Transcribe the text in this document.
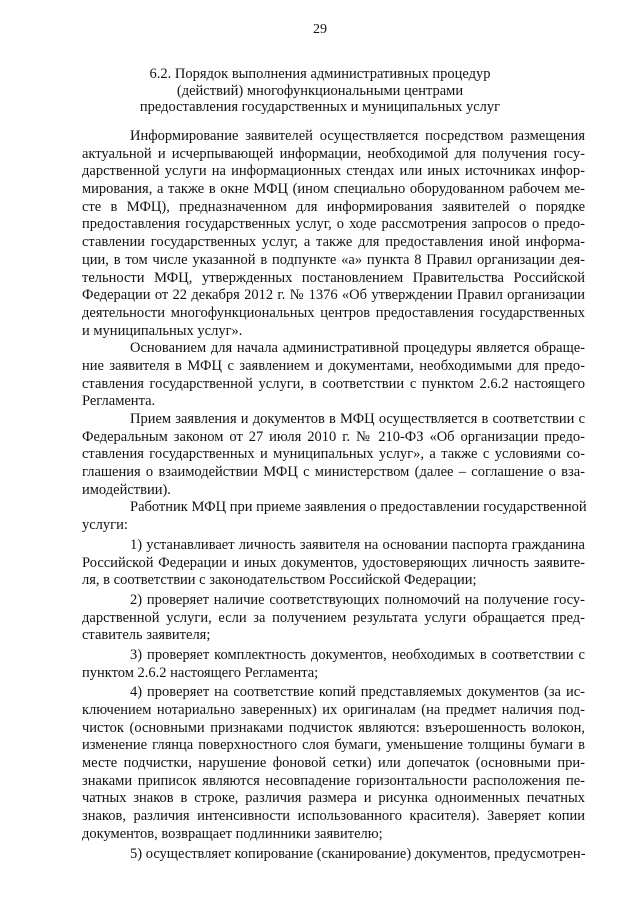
29
6.2. Порядок выполнения административных процедур
(действий) многофункциональными центрами
предоставления государственных и муниципальных услуг
Информирование заявителей осуществляется посредством размещения
актуальной и исчерпывающей информации, необходимой для получения госу-
дарственной услуги на информационных стендах или иных источниках инфор-
мирования, а также в окне МФЦ (ином специально оборудованном рабочем ме-
сте в МФЦ), предназначенном для информирования заявителей о порядке
предоставления государственных услуг, о ходе рассмотрения запросов о предо-
ставлении государственных услуг, а также для предоставления иной информа-
ции, в том числе указанной в подпункте «а» пункта 8 Правил организации дея-
тельности МФЦ, утвержденных постановлением Правительства Российской
Федерации от 22 декабря 2012 г. № 1376 «Об утверждении Правил организации
деятельности многофункциональных центров предоставления государственных
и муниципальных услуг».
Основанием для начала административной процедуры является обраще-
ние заявителя в МФЦ с заявлением и документами, необходимыми для предо-
ставления государственной услуги, в соответствии с пунктом 2.6.2 настоящего
Регламента.
Прием заявления и документов в МФЦ осуществляется в соответствии с
Федеральным законом от 27 июля 2010 г. № 210-ФЗ «Об организации предо-
ставления государственных и муниципальных услуг», а также с условиями со-
глашения о взаимодействии МФЦ с министерством (далее – соглашение о вза-
имодействии).
Работник МФЦ при приеме заявления о предоставлении государственной
услуги:
1) устанавливает личность заявителя на основании паспорта гражданина
Российской Федерации и иных документов, удостоверяющих личность заявите-
ля, в соответствии с законодательством Российской Федерации;
2) проверяет наличие соответствующих полномочий на получение госу-
дарственной услуги, если за получением результата услуги обращается пред-
ставитель заявителя;
3) проверяет комплектность документов, необходимых в соответствии с
пунктом 2.6.2 настоящего Регламента;
4) проверяет на соответствие копий представляемых документов (за ис-
ключением нотариально заверенных) их оригиналам (на предмет наличия под-
чисток (основными признаками подчисток являются: взъерошенность волокон,
изменение глянца поверхностного слоя бумаги, уменьшение толщины бумаги в
месте подчистки, нарушение фоновой сетки) или допечаток (основными при-
знаками приписок являются несовпадение горизонтальности расположения пе-
чатных знаков в строке, различия размера и рисунка одноименных печатных
знаков, различия интенсивности использованного красителя). Заверяет копии
документов, возвращает подлинники заявителю;
5) осуществляет копирование (сканирование) документов, предусмотрен-
